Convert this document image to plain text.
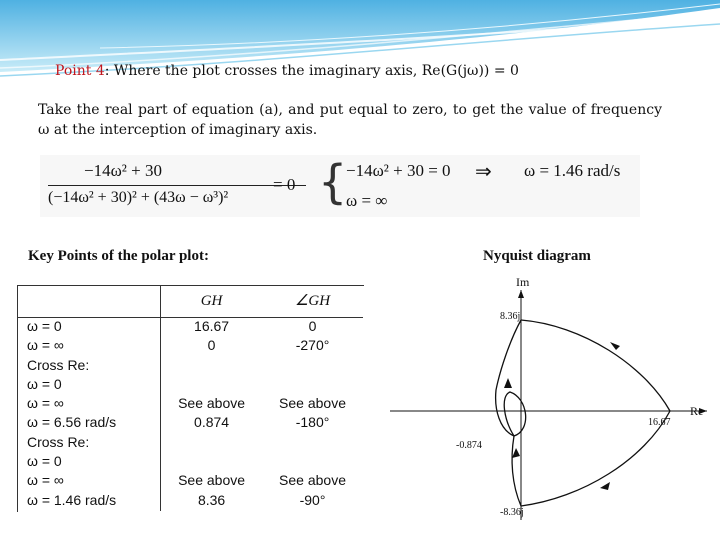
Point 4: Where the plot crosses the imaginary axis, Re(G(jω)) = 0
Take the real part of equation (a), and put equal to zero, to get the value of frequency ω at the interception of imaginary axis.
−14ω² + 30
(−14ω² + 30)² + (43ω − ω³)²
= 0 {
−14ω² + 30 = 0 ⇒ ω = 1.46 rad/s
ω = ∞
Key Points of the polar plot:	Nyquist diagram
	GH	∠GH
ω = 0	16.67	0
ω = ∞	0	-270°
Cross Re:		
ω = 0		
ω = ∞	See above	See above
ω = 6.56 rad/s	0.874	-180°
Cross Re:		
ω = 0		
ω = ∞	See above	See above
ω = 1.46 rad/s	8.36	-90°
Im
Re
8.36j
-8.36j
-0.874
16.67
